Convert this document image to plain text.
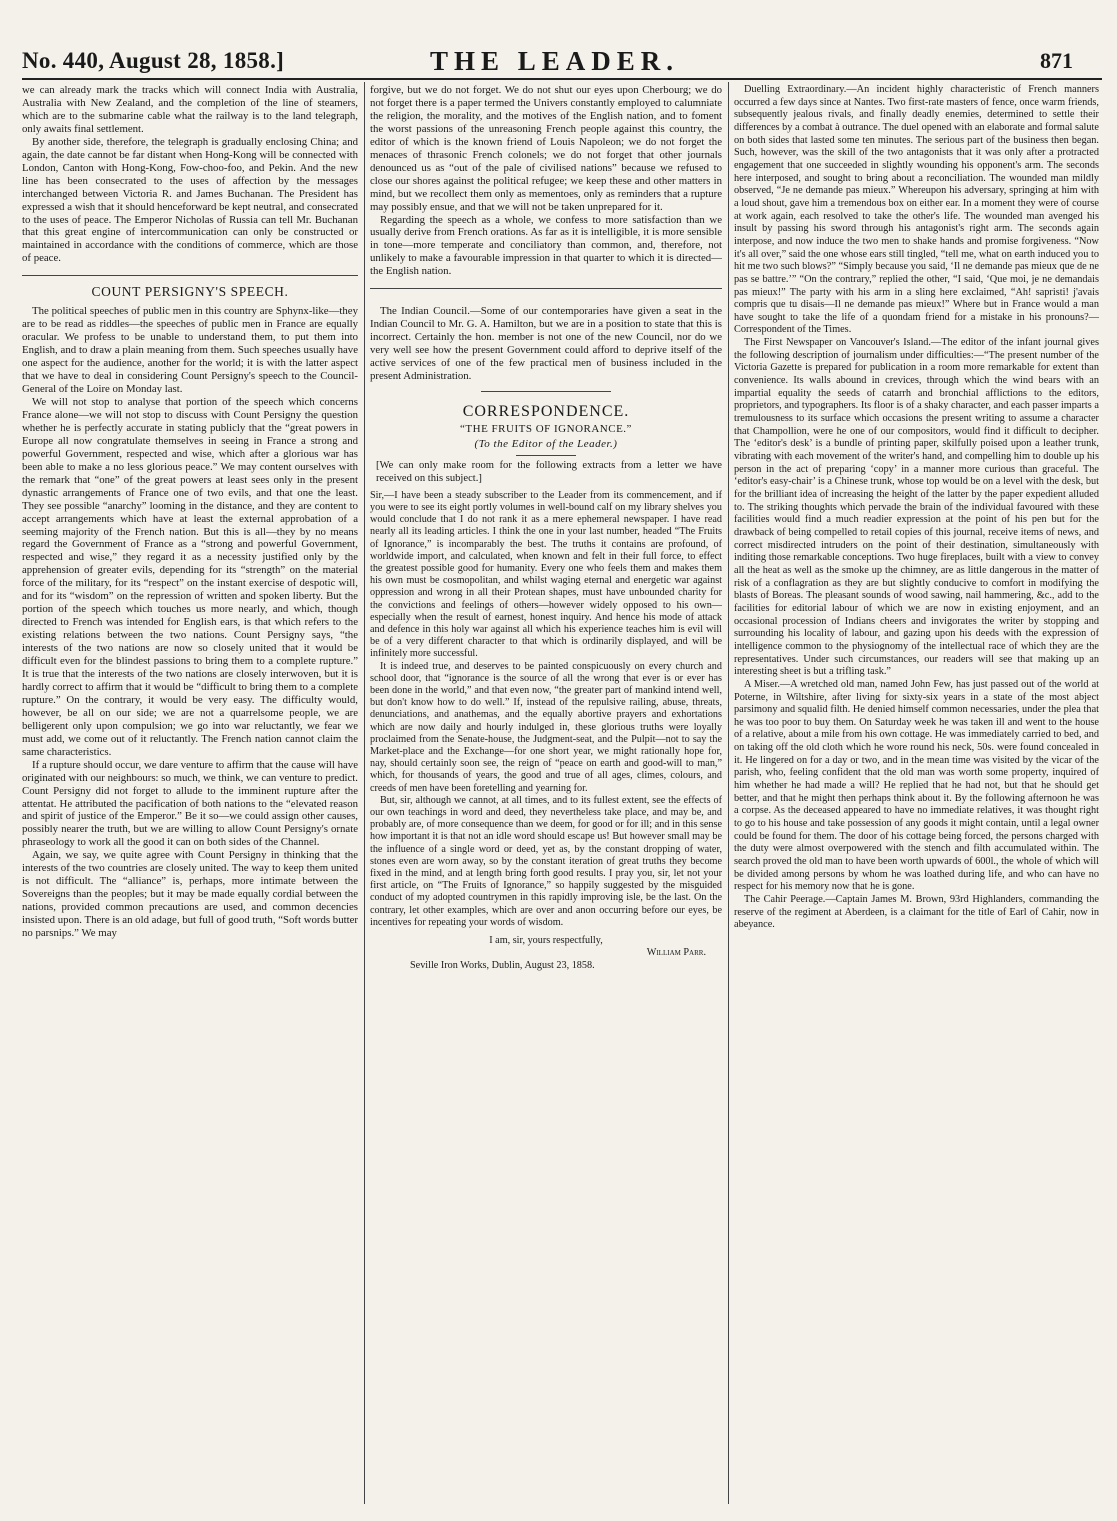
No. 440, August 28, 1858.]	THE LEADER.	871

we can already mark the tracks which will connect India with Australia, Australia with New Zealand, and the completion of the line of steamers, which are to the submarine cable what the railway is to the land telegraph, only awaits final settlement.

By another side, therefore, the telegraph is gradually enclosing China; and again, the date cannot be far distant when Hong-Kong will be connected with London, Canton with Hong-Kong, Fow-choo-foo, and Pekin. And the new line has been consecrated to the uses of affection by the messages interchanged between Victoria R. and James Buchanan. The President has expressed a wish that it should henceforward be kept neutral, and consecrated to the uses of peace. The Emperor Nicholas of Russia can tell Mr. Buchanan that this great engine of intercommunication can only be constructed or maintained in accordance with the conditions of commerce, which are those of peace.

COUNT PERSIGNY'S SPEECH.

The political speeches of public men in this country are Sphynx-like—they are to be read as riddles—the speeches of public men in France are equally oracular. We profess to be unable to understand them, to put them into English, and to draw a plain meaning from them. Such speeches usually have one aspect for the audience, another for the world; it is with the latter aspect that we have to deal in considering Count Persigny's speech to the Council-General of the Loire on Monday last.

We will not stop to analyse that portion of the speech which concerns France alone—we will not stop to discuss with Count Persigny the question whether he is perfectly accurate in stating publicly that the “great powers in Europe all now congratulate themselves in seeing in France a strong and powerful Government, respected and wise, which after a glorious war has been able to make a no less glorious peace.” We may content ourselves with the remark that “one” of the great powers at least sees only in the present dynastic arrangements of France one of two evils, and that one the least. They see possible “anarchy” looming in the distance, and they are content to accept arrangements which have at least the external approbation of a seeming majority of the French nation. But this is all—they by no means regard the Government of France as a “strong and powerful Government, respected and wise,” they regard it as a necessity justified only by the apprehension of greater evils, depending for its “strength” on the material force of the military, for its “respect” on the instant exercise of despotic will, and for its “wisdom” on the repression of written and spoken liberty. But the portion of the speech which touches us more nearly, and which, though directed to French was intended for English ears, is that which refers to the existing relations between the two nations. Count Persigny says, “the interests of the two nations are now so closely united that it would be difficult even for the blindest passions to bring them to a complete rupture.” It is true that the interests of the two nations are closely interwoven, but it is hardly correct to affirm that it would be “difficult to bring them to a complete rupture.” On the contrary, it would be very easy. The difficulty would, however, be all on our side; we are not a quarrelsome people, we are belligerent only upon compulsion; we go into war reluctantly, we fear we must add, we come out of it reluctantly. The French nation cannot claim the same characteristics.

If a rupture should occur, we dare venture to affirm that the cause will have originated with our neighbours: so much, we think, we can venture to predict. Count Persigny did not forget to allude to the imminent rupture after the attentat. He attributed the pacification of both nations to the “elevated reason and spirit of justice of the Emperor.” Be it so—we could assign other causes, possibly nearer the truth, but we are willing to allow Count Persigny's ornate phraseology to work all the good it can on both sides of the Channel.

Again, we say, we quite agree with Count Persigny in thinking that the interests of the two countries are closely united. The way to keep them united is not difficult. The “alliance” is, perhaps, more intimate between the Sovereigns than the peoples; but it may be made equally cordial between the nations, provided common precautions are used, and common decencies insisted upon. There is an old adage, but full of good truth, “Soft words butter no parsnips.” We may

forgive, but we do not forget. We do not shut our eyes upon Cherbourg; we do not forget there is a paper termed the Univers constantly employed to calumniate the religion, the morality, and the motives of the English nation, and to foment the worst passions of the unreasoning French people against this country, the editor of which is the known friend of Louis Napoleon; we do not forget the menaces of thrasonic French colonels; we do not forget that other journals denounced us as “out of the pale of civilised nations” because we refused to close our shores against the political refugee; we keep these and other matters in mind, but we recollect them only as mementoes, only as reminders that a rupture may possibly ensue, and that we will not be taken unprepared for it.

Regarding the speech as a whole, we confess to more satisfaction than we usually derive from French orations. As far as it is intelligible, it is more sensible in tone—more temperate and conciliatory than common, and, therefore, not unlikely to make a favourable impression in that quarter to which it is directed—the English nation.

The Indian Council.—Some of our contemporaries have given a seat in the Indian Council to Mr. G. A. Hamilton, but we are in a position to state that this is incorrect. Certainly the hon. member is not one of the new Council, nor do we very well see how the present Government could afford to deprive itself of the active services of one of the few practical men of business included in the present Administration.

CORRESPONDENCE.
“THE FRUITS OF IGNORANCE.”
(To the Editor of the Leader.)

[We can only make room for the following extracts from a letter we have received on this subject.]

Sir,—I have been a steady subscriber to the Leader from its commencement, and if you were to see its eight portly volumes in well-bound calf on my library shelves you would conclude that I do not rank it as a mere ephemeral newspaper. I have read nearly all its leading articles. I think the one in your last number, headed “The Fruits of Ignorance,” is incomparably the best. The truths it contains are profound, of worldwide import, and calculated, when known and felt in their full force, to effect the greatest possible good for humanity. Every one who feels them and makes them his own must be cosmopolitan, and whilst waging eternal and energetic war against oppression and wrong in all their Protean shapes, must have unbounded charity for the convictions and feelings of others—however widely opposed to his own—especially when the result of earnest, honest inquiry. And hence his mode of attack and defence in this holy war against all which his experience teaches him is evil will be of a very different character to that which is ordinarily displayed, and will be infinitely more successful.

It is indeed true, and deserves to be painted conspicuously on every church and school door, that “ignorance is the source of all the wrong that ever is or ever has been done in the world,” and that even now, “the greater part of mankind intend well, but don't know how to do well.” If, instead of the repulsive railing, abuse, threats, denunciations, and anathemas, and the equally abortive prayers and exhortations which are now daily and hourly indulged in, these glorious truths were loyally proclaimed from the Senate-house, the Judgment-seat, and the Pulpit—not to say the Market-place and the Exchange—for one short year, we might rationally hope for, nay, should certainly soon see, the reign of “peace on earth and good-will to man,” which, for thousands of years, the good and true of all ages, climes, colours, and creeds of men have been foretelling and yearning for.

But, sir, although we cannot, at all times, and to its fullest extent, see the effects of our own teachings in word and deed, they nevertheless take place, and may be, and probably are, of more consequence than we deem, for good or for ill; and in this sense how important it is that not an idle word should escape us! But however small may be the influence of a single word or deed, yet as, by the constant dropping of water, stones even are worn away, so by the constant iteration of great truths they become fixed in the mind, and at length bring forth good results. I pray you, sir, let not your first article, on “The Fruits of Ignorance,” so happily suggested by the misguided conduct of my adopted countrymen in this rapidly improving isle, be the last. On the contrary, let other examples, which are over and anon occurring before our eyes, be incentives for repeating your words of wisdom.

I am, sir, yours respectfully,
William Parr.

Seville Iron Works, Dublin, August 23, 1858.

Duelling Extraordinary.—An incident highly characteristic of French manners occurred a few days since at Nantes. Two first-rate masters of fence, once warm friends, subsequently jealous rivals, and finally deadly enemies, determined to settle their differences by a combat à outrance. The duel opened with an elaborate and formal salute on both sides that lasted some ten minutes. The serious part of the business then began. Such, however, was the skill of the two antagonists that it was only after a protracted engagement that one succeeded in slightly wounding his opponent's arm. The seconds here interposed, and sought to bring about a reconciliation. The wounded man mildly observed, “Je ne demande pas mieux.” Whereupon his adversary, springing at him with a loud shout, gave him a tremendous box on either ear. In a moment they were of course at work again, each resolved to take the other's life. The wounded man avenged his insult by passing his sword through his antagonist's right arm. The seconds again interpose, and now induce the two men to shake hands and promise forgiveness. “Now it's all over,” said the one whose ears still tingled, “tell me, what on earth induced you to hit me two such blows?” “Simply because you said, ‘Il ne demande pas mieux que de ne pas se battre.’” “On the contrary,” replied the other, “I said, ‘Que moi, je ne demandais pas mieux!” The party with his arm in a sling here exclaimed, “Ah! sapristi! j'avais compris que tu disais—Il ne demande pas mieux!” Where but in France would a man have sought to take the life of a quondam friend for a mistake in his pronouns?—Correspondent of the Times.

The First Newspaper on Vancouver's Island.—The editor of the infant journal gives the following description of journalism under difficulties:—“The present number of the Victoria Gazette is prepared for publication in a room more remarkable for extent than convenience. Its walls abound in crevices, through which the wind bears with an impartial equality the seeds of catarrh and bronchial afflictions to the editors, proprietors, and typographers. Its floor is of a shaky character, and each passer imparts a tremulousness to its surface which occasions the present writing to assume a character that Champollion, were he one of our compositors, would find it difficult to decipher. The ‘editor's desk’ is a bundle of printing paper, skilfully poised upon a leather trunk, vibrating with each movement of the writer's hand, and compelling him to double up his person in the act of preparing ‘copy’ in a manner more curious than graceful. The ‘editor's easy-chair’ is a Chinese trunk, whose top would be on a level with the desk, but for the brilliant idea of increasing the height of the latter by the paper expedient alluded to. The striking thoughts which pervade the brain of the individual favoured with these facilities would find a much readier expression at the point of his pen but for the drawback of being compelled to retail copies of this journal, receive items of news, and correct misdirected intruders on the point of their destination, simultaneously with inditing those remarkable conceptions. Two huge fireplaces, built with a view to convey all the heat as well as the smoke up the chimney, are as little dangerous in the matter of risk of a conflagration as they are but slightly conducive to comfort in modifying the blasts of Boreas. The pleasant sounds of wood sawing, nail hammering, &c., add to the facilities for editorial labour of which we are now in existing enjoyment, and an occasional procession of Indians cheers and invigorates the writer by stopping and surrounding his locality of labour, and gazing upon his deeds with the expression of intelligence common to the physiognomy of the intellectual race of which they are the representatives. Under such circumstances, our readers will see that making up an interesting sheet is but a trifling task.”

A Miser.—A wretched old man, named John Few, has just passed out of the world at Poterne, in Wiltshire, after living for sixty-six years in a state of the most abject parsimony and squalid filth. He denied himself common necessaries, under the plea that he was too poor to buy them. On Saturday week he was taken ill and went to the house of a relative, about a mile from his own cottage. He was immediately carried to bed, and on taking off the old cloth which he wore round his neck, 50s. were found concealed in it. He lingered on for a day or two, and in the mean time was visited by the vicar of the parish, who, feeling confident that the old man was worth some property, inquired of him whether he had made a will? He replied that he had not, but that he should get better, and that he might then perhaps think about it. By the following afternoon he was a corpse. As the deceased appeared to have no immediate relatives, it was thought right to go to his house and take possession of any goods it might contain, until a legal owner could be found for them. The door of his cottage being forced, the persons charged with the duty were almost overpowered with the stench and filth accumulated within. The search proved the old man to have been worth upwards of 600l., the whole of which will be divided among persons by whom he was loathed during life, and who can have no respect for his memory now that he is gone.

The Cahir Peerage.—Captain James M. Brown, 93rd Highlanders, commanding the reserve of the regiment at Aberdeen, is a claimant for the title of Earl of Cahir, now in abeyance.
